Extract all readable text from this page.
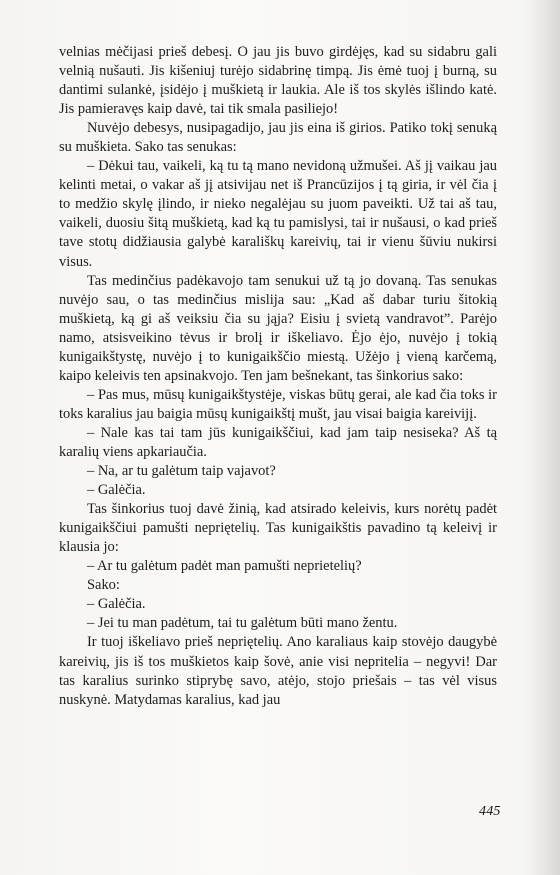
velnias mėčijasi prieš debesį. O jau jis buvo girdėjęs, kad su sidabru gali velnią nušauti. Jis kišeniuj turėjo sidabrinę timpą. Jis ėmė tuoj į burną, su dantimi sulankė, įsidėjo į muškietą ir laukia. Ale iš tos skylės išlindo katė. Jis pamieravęs kaip davė, tai tik smala pasiliejo!

Nuvėjo debesys, nusipagadijo, jau jis eina iš girios. Patiko tokį senuką su muškieta. Sako tas senukas:

– Dėkui tau, vaikeli, ką tu tą mano nevidoną užmušei. Aš jį vaikau jau kelinti metai, o vakar aš jį atsivijau net iš Prancūzijos į tą giria, ir vėl čia į to medžio skylę įlindo, ir nieko negalėjau su juom paveikti. Už tai aš tau, vaikeli, duosiu šitą muškietą, kad ką tu pamislysi, tai ir nušausi, o kad prieš tave stotų didžiausia galybė karališkų kareivių, tai ir vienu šūviu nukirsi visus.

Tas medinčius padėkavojo tam senukui už tą jo dovaną. Tas senukas nuvėjo sau, o tas medinčius mislija sau: „Kad aš dabar turiu šitokią muškietą, ką gi aš veiksiu čia su jąja? Eisiu į svietą vandravot”. Parėjo namo, atsisveikino tėvus ir brolį ir iškeliavo. Ėjo ėjo, nuvėjo į tokią kunigaikštystę, nuvėjo į to kunigaikščio miestą. Užėjo į vieną karčemą, kaipo keleivis ten apsinakvojo. Ten jam bešnekant, tas šinkorius sako:

– Pas mus, mūsų kunigaikštystėje, viskas būtų gerai, ale kad čia toks ir toks karalius jau baigia mūsų kunigaikštį mušt, jau visai baigia kareivijį.

– Nale kas tai tam jūs kunigaikščiui, kad jam taip nesiseka? Aš tą karalių viens apkariaučia.

– Na, ar tu galėtum taip vajavot?

– Galėčia.

Tas šinkorius tuoj davė žinią, kad atsirado keleivis, kurs norėtų padėt kunigaikščiui pamušti nepriętelių. Tas kunigaikštis pavadino tą keleivį ir klausia jo:

– Ar tu galėtum padėt man pamušti neprietelių?

Sako:

– Galėčia.

– Jei tu man padėtum, tai tu galėtum būti mano žentu.

Ir tuoj iškeliavo prieš nepriętelių. Ano karaliaus kaip stovėjo daugybė kareivių, jis iš tos muškietos kaip šovė, anie visi nepritelia ‒ negyvi! Dar tas karalius surinko stiprybę savo, atėjo, stojo priešais ‒ tas vėl visus nuskynė. Matydamas karalius, kad jau

445
